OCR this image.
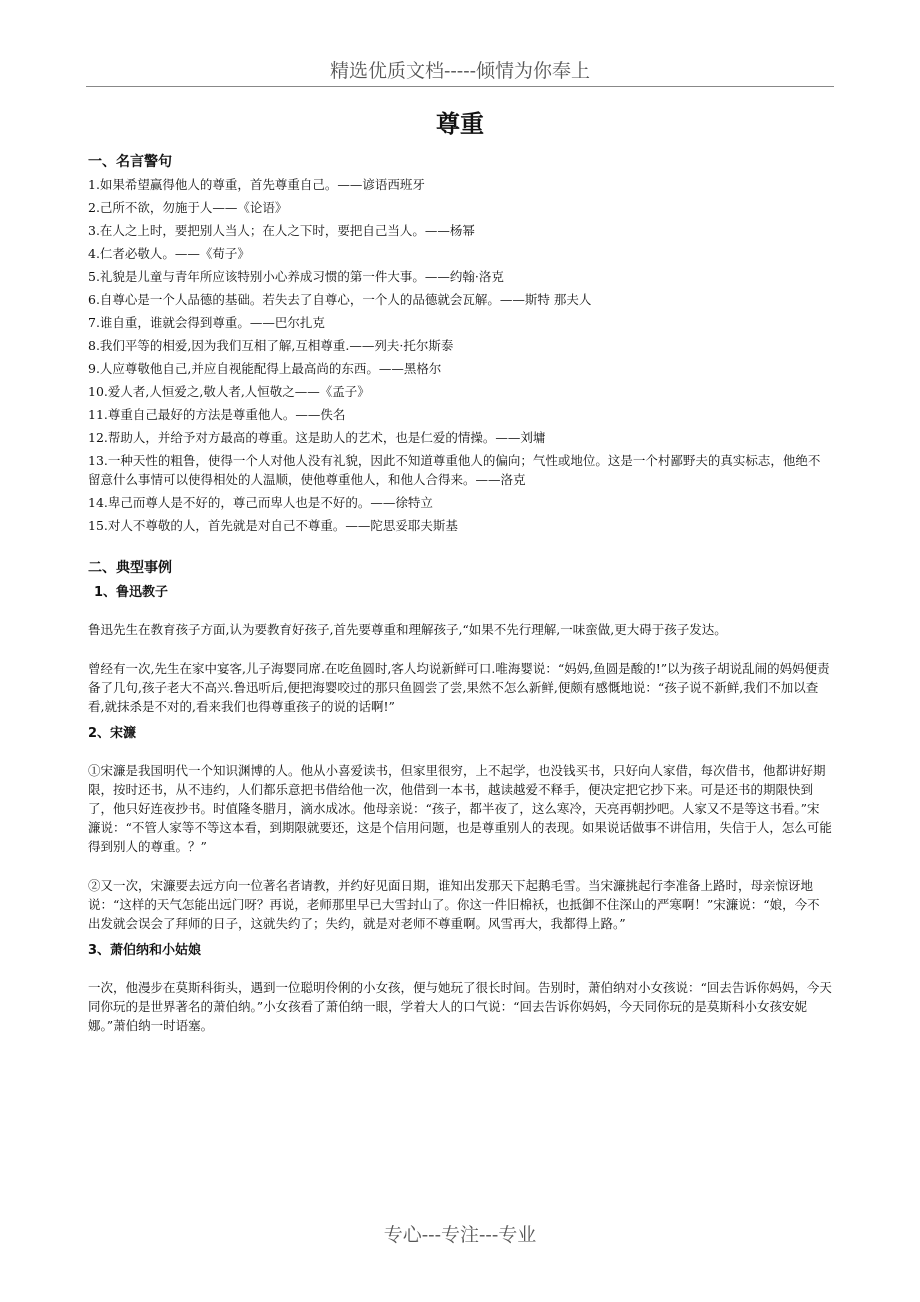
精选优质文档-----倾情为你奉上
尊重
一、名言警句
1.如果希望赢得他人的尊重，首先尊重自己。——谚语西班牙
2.己所不欲，勿施于人——《论语》
3.在人之上时，要把别人当人；在人之下时，要把自己当人。——杨幂
4.仁者必敬人。——《荀子》
5.礼貌是儿童与青年所应该特别小心养成习惯的第一件大事。——约翰·洛克
6.自尊心是一个人品德的基础。若失去了自尊心，一个人的品德就会瓦解。——斯特 那夫人
7.谁自重，谁就会得到尊重。——巴尔扎克
8.我们平等的相爱,因为我们互相了解,互相尊重.——列夫·托尔斯泰
9.人应尊敬他自己,并应自视能配得上最高尚的东西。——黑格尔
10.爱人者,人恒爱之,敬人者,人恒敬之——《孟子》
11.尊重自己最好的方法是尊重他人。——佚名
12.帮助人，并给予对方最高的尊重。这是助人的艺术，也是仁爱的情操。——刘墉
13.一种天性的粗鲁，使得一个人对他人没有礼貌，因此不知道尊重他人的偏向；气性或地位。这是一个村鄙野夫的真实标志，他绝不留意什么事情可以使得相处的人温顺，使他尊重他人，和他人合得来。——洛克
14.卑己而尊人是不好的，尊己而卑人也是不好的。——徐特立
15.对人不尊敬的人，首先就是对自己不尊重。——陀思妥耶夫斯基
二、典型事例
1、鲁迅教子

鲁迅先生在教育孩子方面,认为要教育好孩子,首先要尊重和理解孩子,“如果不先行理解,一味蛮做,更大碍于孩子发达。

曾经有一次,先生在家中宴客,儿子海婴同席.在吃鱼圆时,客人均说新鲜可口.唯海婴说：“妈妈,鱼圆是酸的!”以为孩子胡说乱闹的妈妈便责备了几句,孩子老大不高兴.鲁迅听后,便把海婴咬过的那只鱼圆尝了尝,果然不怎么新鲜,便颇有感慨地说：“孩子说不新鲜,我们不加以查看,就抹杀是不对的,看来我们也得尊重孩子的说的话啊!”

2、宋濂

①宋濂是我国明代一个知识渊博的人。他从小喜爱读书，但家里很穷，上不起学，也没钱买书，只好向人家借，每次借书，他都讲好期限，按时还书，从不违约，人们都乐意把书借给他一次，他借到一本书，越读越爱不释手，便决定把它抄下来。可是还书的期限快到了，他只好连夜抄书。时值隆冬腊月，滴水成冰。他母亲说：“孩子，都半夜了，这么寒冷，天亮再朝抄吧。人家又不是等这书看。”宋濂说：“不管人家等不等这本看，到期限就要还，这是个信用问题，也是尊重别人的表现。如果说话做事不讲信用，失信于人，怎么可能得到别人的尊重。？”

②又一次，宋濂要去远方向一位著名者请教，并约好见面日期，谁知出发那天下起鹅毛雪。当宋濂挑起行李准备上路时，母亲惊讶地说：“这样的天气怎能出远门呀？再说，老师那里早已大雪封山了。你这一件旧棉袄，也抵御不住深山的严寒啊！”宋濂说：“娘，今不出发就会误会了拜师的日子，这就失约了；失约，就是对老师不尊重啊。风雪再大，我都得上路。”

3、萧伯纳和小姑娘

一次，他漫步在莫斯科街头，遇到一位聪明伶俐的小女孩，便与她玩了很长时间。告别时，萧伯纳对小女孩说：“回去告诉你妈妈，今天同你玩的是世界著名的萧伯纳。”小女孩看了萧伯纳一眼，学着大人的口气说：“回去告诉你妈妈，今天同你玩的是莫斯科小女孩安妮娜。”萧伯纳一时语塞。

专心---专注---专业
